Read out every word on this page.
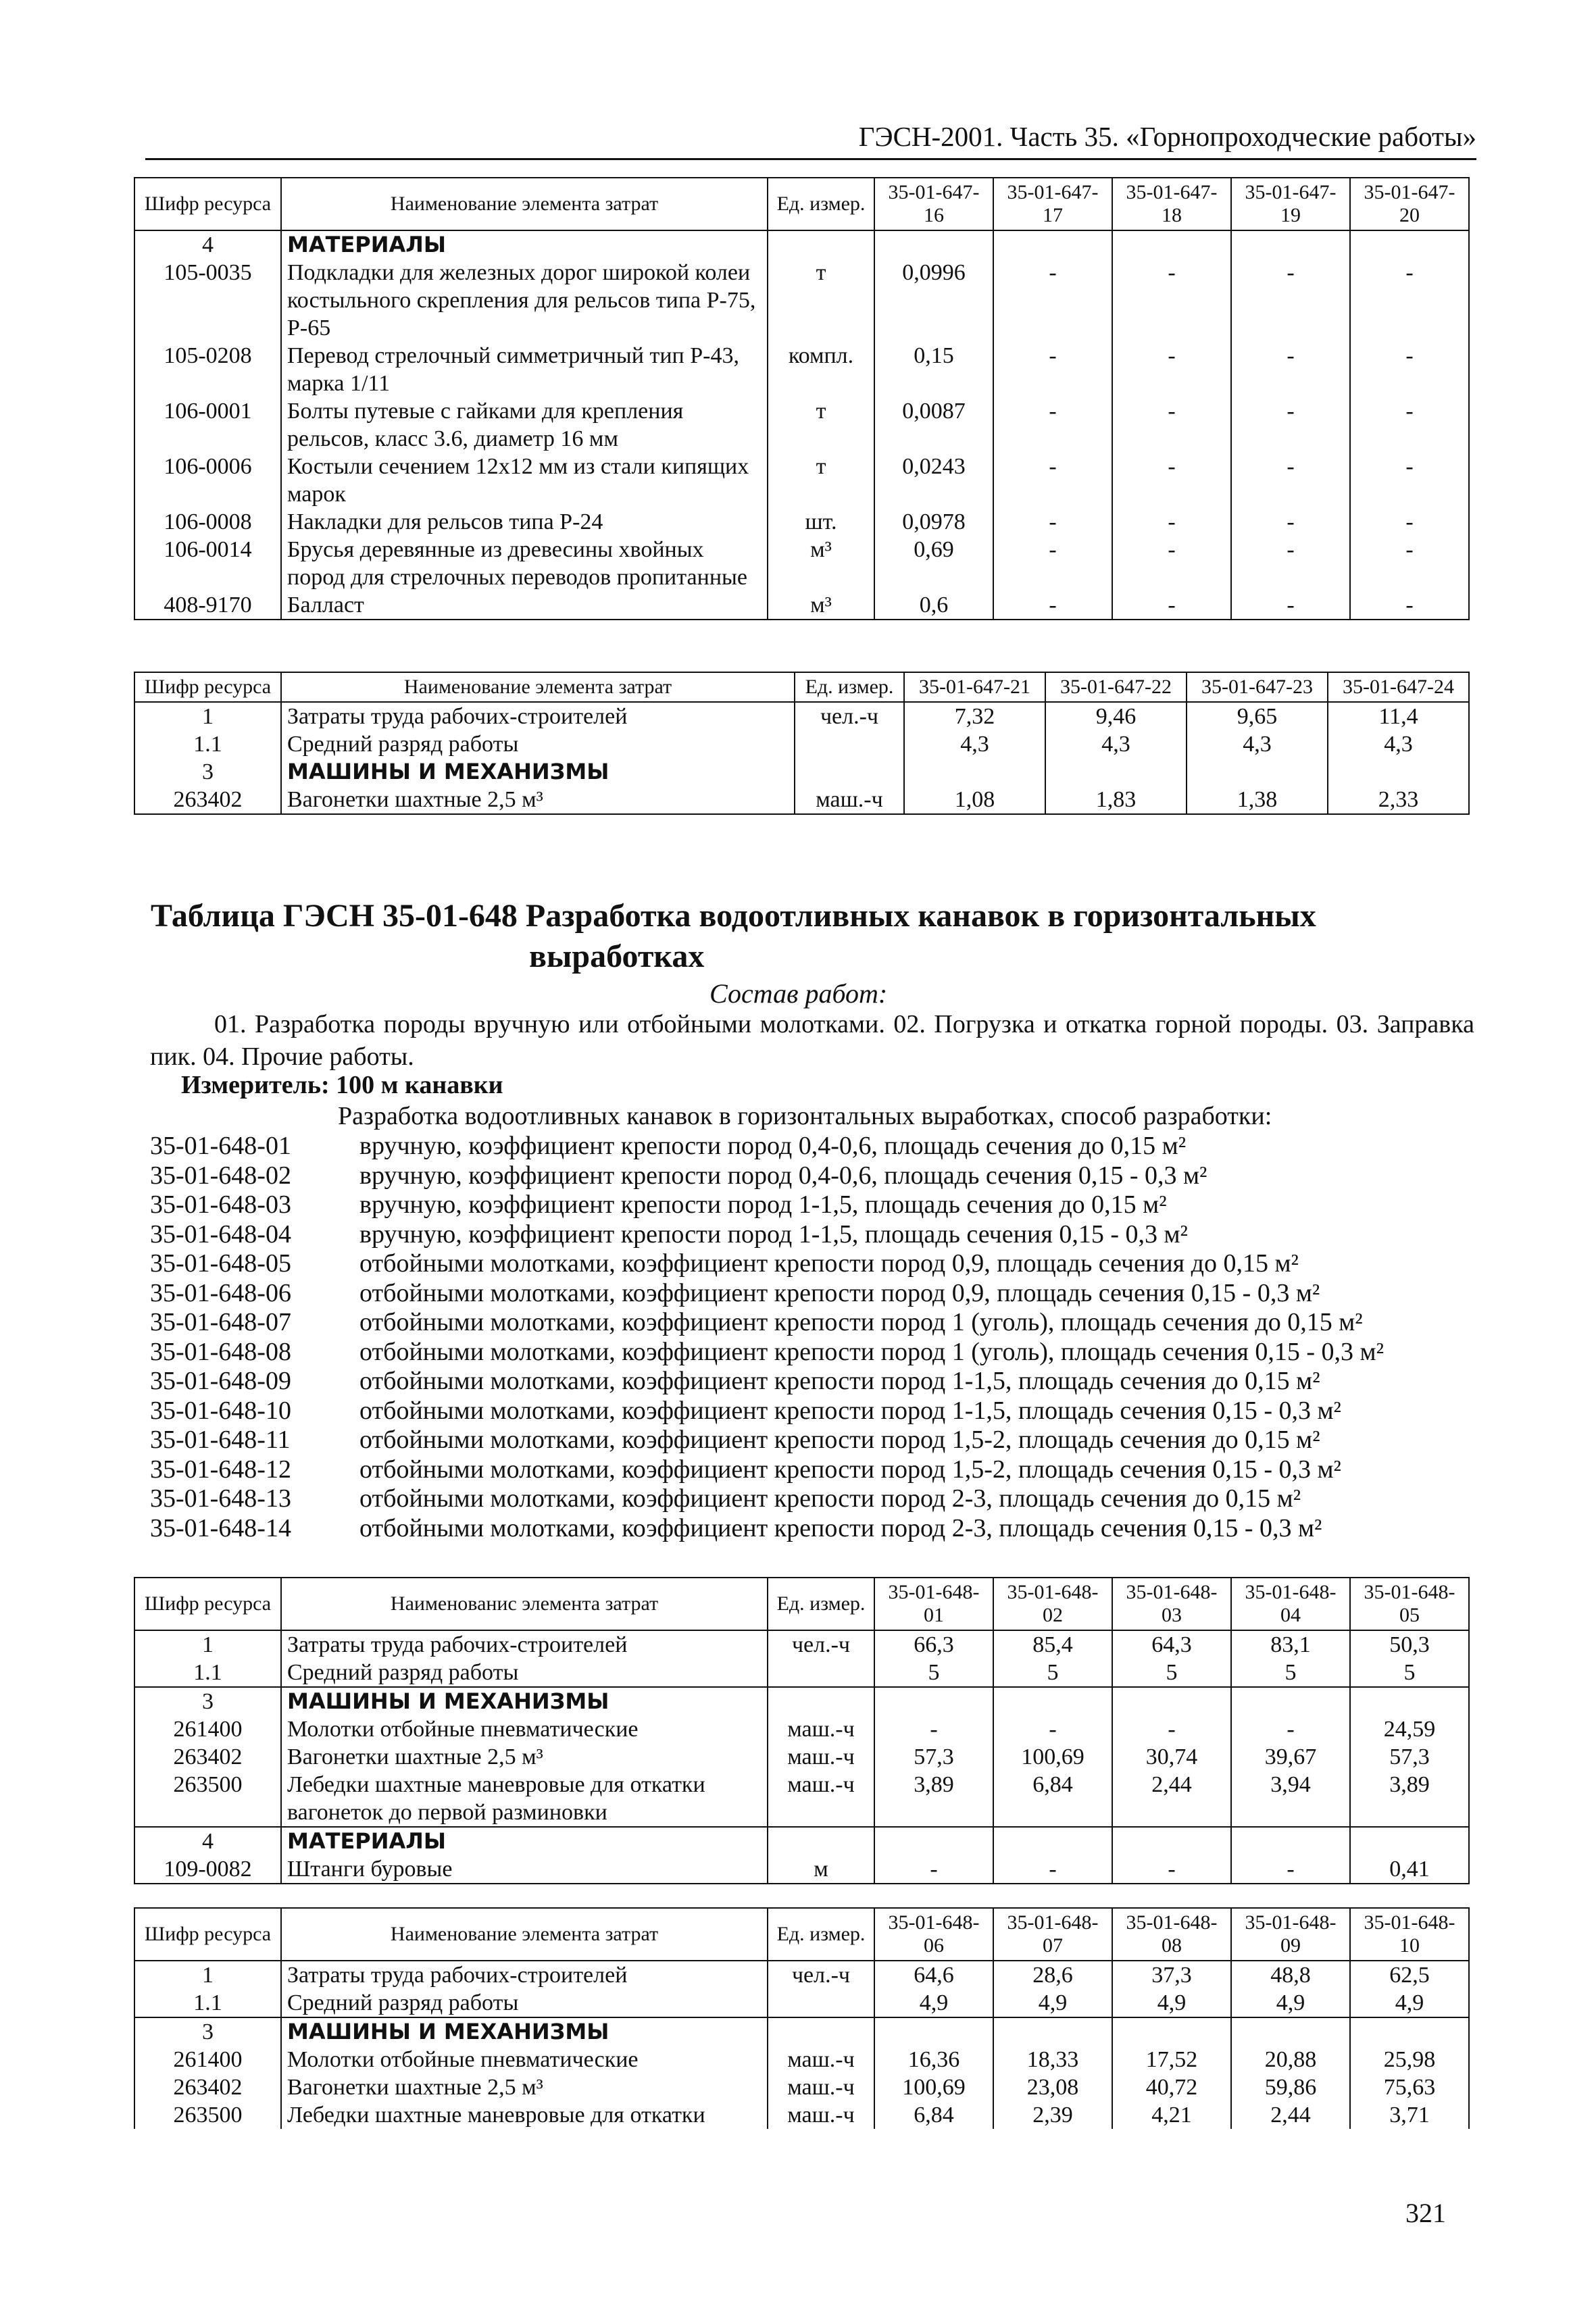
ГЭСН-2001. Часть 35. «Горнопроходческие работы»
Шифр ресурса	Наименование элемента затрат	Ед. измер.	35-01-647-16	35-01-647-17	35-01-647-18	35-01-647-19	35-01-647-20
4	МАТЕРИАЛЫ						
105-0035	Подкладки для железных дорог широкой колеи костыльного скрепления для рельсов типа Р-75, Р-65	т	0,0996	-	-	-	-
105-0208	Перевод стрелочный симметричный тип Р-43, марка 1/11	компл.	0,15	-	-	-	-
106-0001	Болты путевые с гайками для крепления рельсов, класс 3.6, диаметр 16 мм	т	0,0087	-	-	-	-
106-0006	Костыли сечением 12х12 мм из стали кипящих марок	т	0,0243	-	-	-	-
106-0008	Накладки для рельсов типа Р-24	шт.	0,0978	-	-	-	-
106-0014	Брусья деревянные из древесины хвойных пород для стрелочных переводов пропитанные	м³	0,69	-	-	-	-
408-9170	Балласт	м³	0,6	-	-	-	-
Шифр ресурса	Наименование элемента затрат	Ед. измер.	35-01-647-21	35-01-647-22	35-01-647-23	35-01-647-24
1	Затраты труда рабочих-строителей	чел.-ч	7,32	9,46	9,65	11,4
1.1	Средний разряд работы		4,3	4,3	4,3	4,3
3	МАШИНЫ И МЕХАНИЗМЫ					
263402	Вагонетки шахтные 2,5 м³	маш.-ч	1,08	1,83	1,38	2,33
Таблица ГЭСН 35-01-648 Разработка водоотливных канавок в горизонтальных
выработках
Состав работ:
01. Разработка породы вручную или отбойными молотками. 02. Погрузка и откатка горной породы. 03. Заправка пик. 04. Прочие работы.
Измеритель: 100 м канавки
Разработка водоотливных канавок в горизонтальных выработках, способ разработки:
35-01-648-01	вручную, коэффициент крепости пород 0,4-0,6, площадь сечения до 0,15 м²
35-01-648-02	вручную, коэффициент крепости пород 0,4-0,6, площадь сечения 0,15 - 0,3 м²
35-01-648-03	вручную, коэффициент крепости пород 1-1,5, площадь сечения до 0,15 м²
35-01-648-04	вручную, коэффициент крепости пород 1-1,5, площадь сечения 0,15 - 0,3 м²
35-01-648-05	отбойными молотками, коэффициент крепости пород 0,9, площадь сечения до 0,15 м²
35-01-648-06	отбойными молотками, коэффициент крепости пород 0,9, площадь сечения 0,15 - 0,3 м²
35-01-648-07	отбойными молотками, коэффициент крепости пород 1 (уголь), площадь сечения до 0,15 м²
35-01-648-08	отбойными молотками, коэффициент крепости пород 1 (уголь), площадь сечения 0,15 - 0,3 м²
35-01-648-09	отбойными молотками, коэффициент крепости пород 1-1,5, площадь сечения до 0,15 м²
35-01-648-10	отбойными молотками, коэффициент крепости пород 1-1,5, площадь сечения 0,15 - 0,3 м²
35-01-648-11	отбойными молотками, коэффициент крепости пород 1,5-2, площадь сечения до 0,15 м²
35-01-648-12	отбойными молотками, коэффициент крепости пород 1,5-2, площадь сечения 0,15 - 0,3 м²
35-01-648-13	отбойными молотками, коэффициент крепости пород 2-3, площадь сечения до 0,15 м²
35-01-648-14	отбойными молотками, коэффициент крепости пород 2-3, площадь сечения 0,15 - 0,3 м²
Шифр ресурса	Наименованис элемента затрат	Ед. измер.	35-01-648-01	35-01-648-02	35-01-648-03	35-01-648-04	35-01-648-05
1	Затраты труда рабочих-строителей	чел.-ч	66,3	85,4	64,3	83,1	50,3
1.1	Средний разряд работы		5	5	5	5	5
3	МАШИНЫ И МЕХАНИЗМЫ						
261400	Молотки отбойные пневматические	маш.-ч	-	-	-	-	24,59
263402	Вагонетки шахтные 2,5 м³	маш.-ч	57,3	100,69	30,74	39,67	57,3
263500	Лебедки шахтные маневровые для откатки вагонеток до первой разминовки	маш.-ч	3,89	6,84	2,44	3,94	3,89
4	МАТЕРИАЛЫ						
109-0082	Штанги буровые	м	-	-	-	-	0,41
Шифр ресурса	Наименование элемента затрат	Ед. измер.	35-01-648-06	35-01-648-07	35-01-648-08	35-01-648-09	35-01-648-10
1	Затраты труда рабочих-строителей	чел.-ч	64,6	28,6	37,3	48,8	62,5
1.1	Средний разряд работы		4,9	4,9	4,9	4,9	4,9
3	МАШИНЫ И МЕХАНИЗМЫ						
261400	Молотки отбойные пневматические	маш.-ч	16,36	18,33	17,52	20,88	25,98
263402	Вагонетки шахтные 2,5 м³	маш.-ч	100,69	23,08	40,72	59,86	75,63
263500	Лебедки шахтные маневровые для откатки	маш.-ч	6,84	2,39	4,21	2,44	3,71
321
